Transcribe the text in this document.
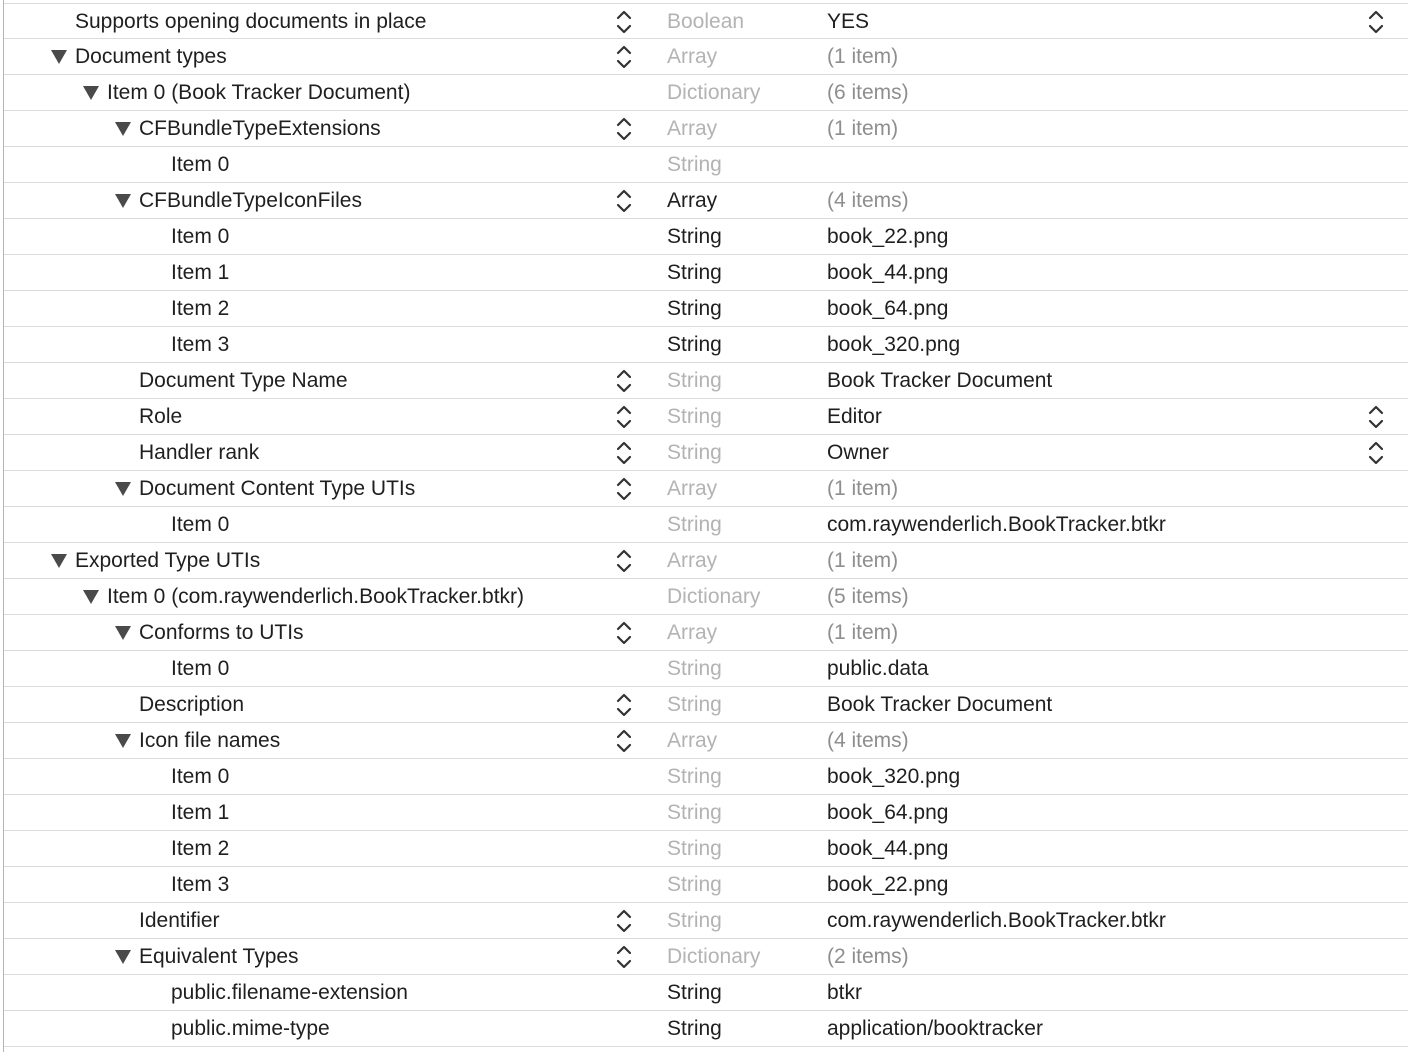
Supports opening documents in place	Boolean	YES
Document types	Array	(1 item)
Item 0 (Book Tracker Document)	Dictionary	(6 items)
CFBundleTypeExtensions	Array	(1 item)
Item 0	String
CFBundleTypeIconFiles	Array	(4 items)
Item 0	String	book_22.png
Item 1	String	book_44.png
Item 2	String	book_64.png
Item 3	String	book_320.png
Document Type Name	String	Book Tracker Document
Role	String	Editor
Handler rank	String	Owner
Document Content Type UTIs	Array	(1 item)
Item 0	String	com.raywenderlich.BookTracker.btkr
Exported Type UTIs	Array	(1 item)
Item 0 (com.raywenderlich.BookTracker.btkr)	Dictionary	(5 items)
Conforms to UTIs	Array	(1 item)
Item 0	String	public.data
Description	String	Book Tracker Document
Icon file names	Array	(4 items)
Item 0	String	book_320.png
Item 1	String	book_64.png
Item 2	String	book_44.png
Item 3	String	book_22.png
Identifier	String	com.raywenderlich.BookTracker.btkr
Equivalent Types	Dictionary	(2 items)
public.filename-extension	String	btkr
public.mime-type	String	application/booktracker
